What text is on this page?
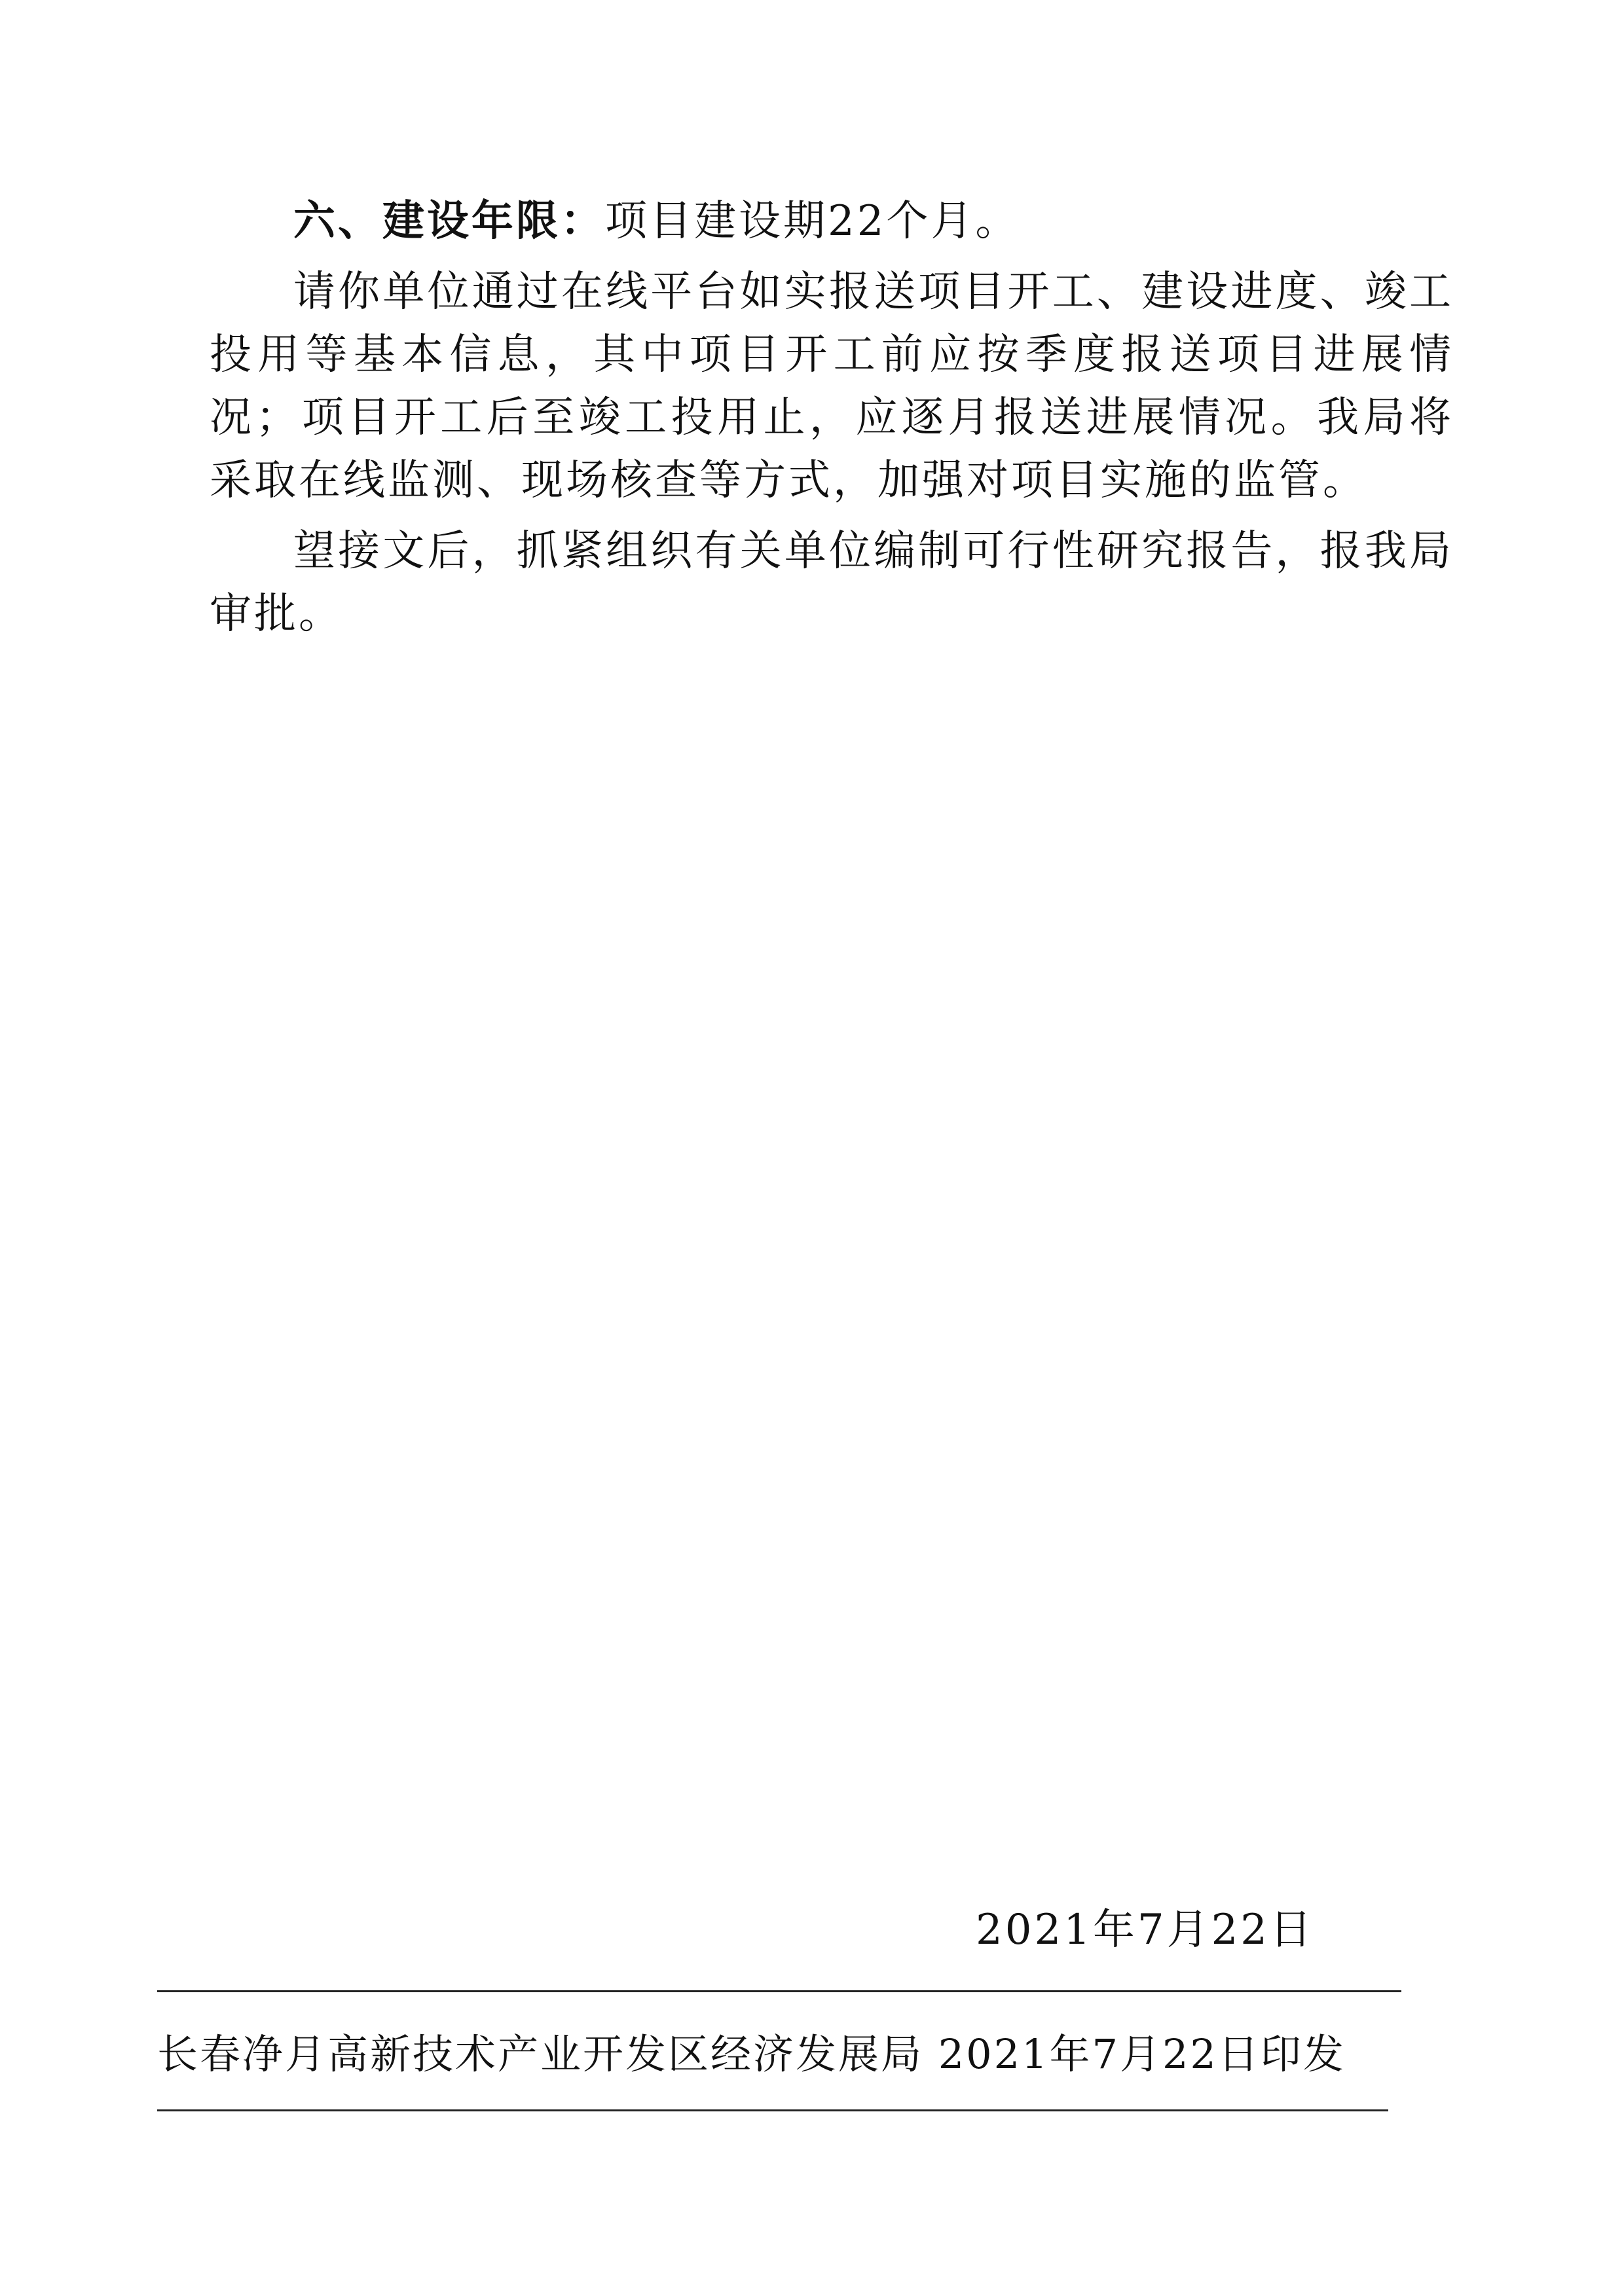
六、建设年限：项目建设期22个月。

请你单位通过在线平台如实报送项目开工、建设进度、竣工投用等基本信息，其中项目开工前应按季度报送项目进展情况；项目开工后至竣工投用止，应逐月报送进展情况。我局将采取在线监测、现场核查等方式，加强对项目实施的监管。

望接文后，抓紧组织有关单位编制可行性研究报告，报我局审批。

2021年7月22日
长春净月高新技术产业开发区经济发展局 2021年7月22日印发
